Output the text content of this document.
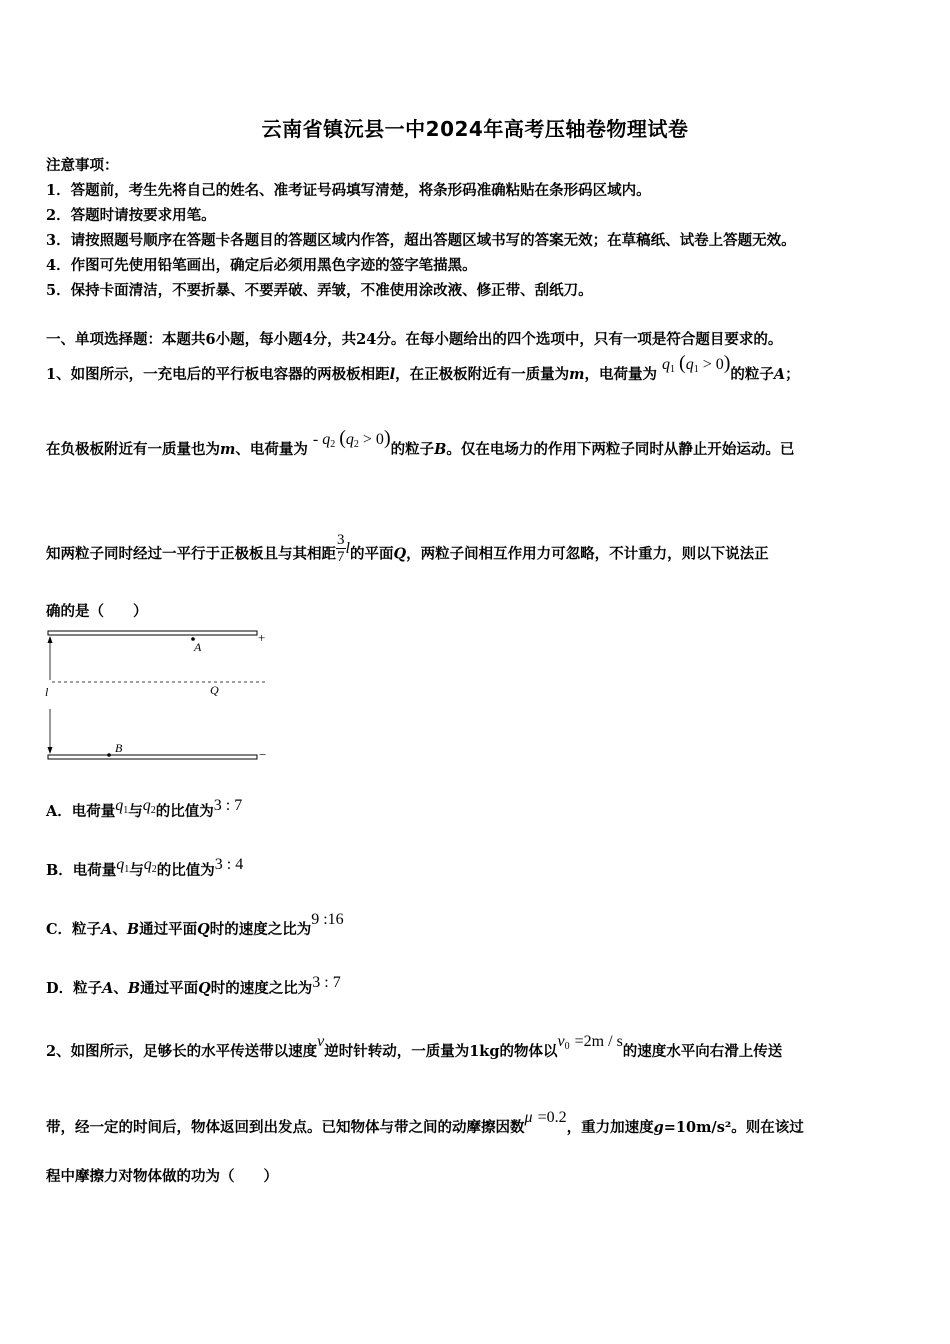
云南省镇沅县一中2024年高考压轴卷物理试卷
注意事项：
1．答题前，考生先将自己的姓名、准考证号码填写清楚，将条形码准确粘贴在条形码区域内。
2．答题时请按要求用笔。
3．请按照题号顺序在答题卡各题目的答题区域内作答，超出答题区域书写的答案无效；在草稿纸、试卷上答题无效。
4．作图可先使用铅笔画出，确定后必须用黑色字迹的签字笔描黑。
5．保持卡面清洁，不要折暴、不要弄破、弄皱，不准使用涂改液、修正带、刮纸刀。
一、单项选择题：本题共6小题，每小题4分，共24分。在每小题给出的四个选项中，只有一项是符合题目要求的。
1、如图所示，一充电后的平行板电容器的两极板相距l，在正极板附近有一质量为m，电荷量为 q1 (q1 > 0)的粒子A；
在负极板附近有一质量也为m、电荷量为 - q2 (q2 > 0)的粒子B。仅在电场力的作用下两粒子同时从静止开始运动。已
知两粒子同时经过一平行于正极板且与其相距 $\frac{3}{7}$ l的平面Q，两粒子间相互作用力可忽略，不计重力，则以下说法正
确的是（　　）
+
−
Q
A
B
l
A．电荷量q1与q2的比值为3 : 7
B．电荷量q1与q2的比值为3 : 4
C．粒子A、B通过平面Q时的速度之比为9 :16
D．粒子A、B通过平面Q时的速度之比为3 : 7
2、如图所示，足够长的水平传送带以速度v逆时针转动，一质量为1kg的物体以v0 =2m / s的速度水平向右滑上传送
带，经一定的时间后，物体返回到出发点。已知物体与带之间的动摩擦因数μ =0.2，重力加速度g=10m/s²。则在该过
程中摩擦力对物体做的功为（　　）
